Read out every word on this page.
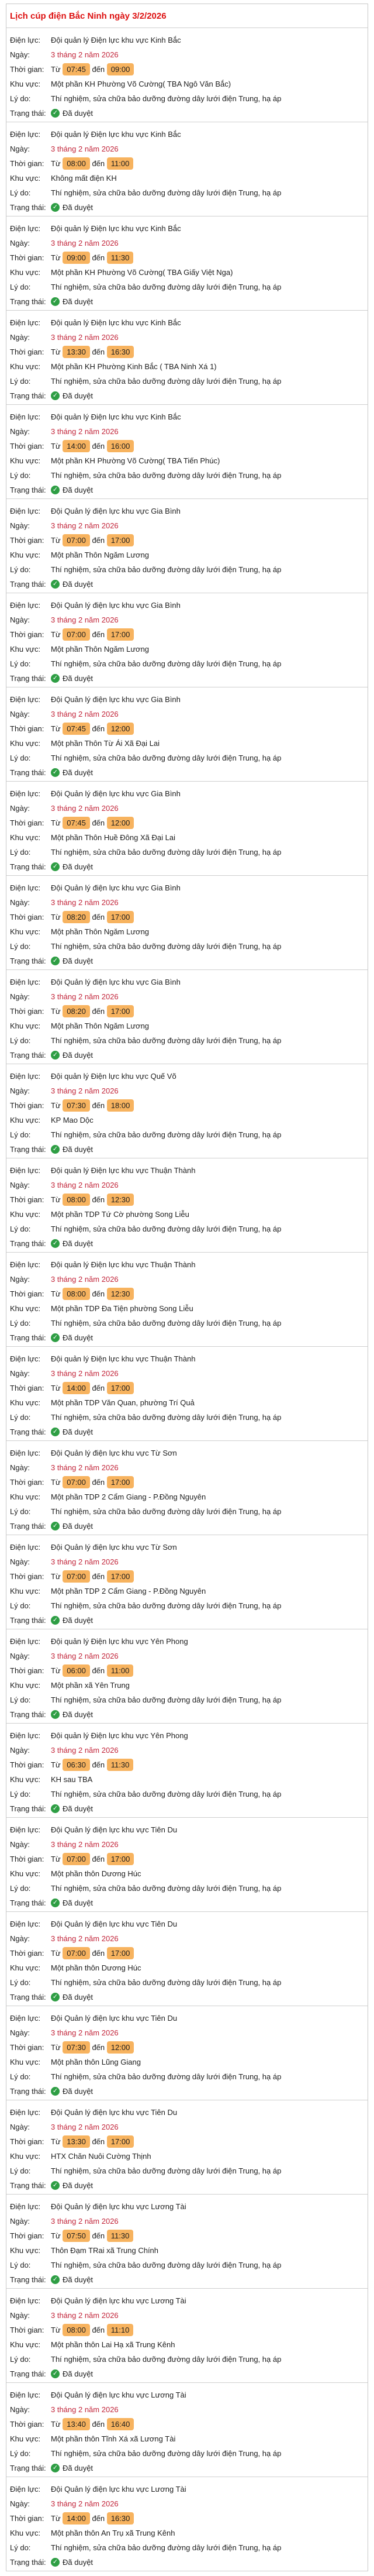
Lịch cúp điện Bắc Ninh ngày 3/2/2026
Điện lực:	Đội quản lý Điện lực khu vực Kinh Bắc
Ngày:	3 tháng 2 năm 2026
Thời gian: Từ 07:45 đến 09:00
Khu vực:	Một phần KH Phường Võ Cường( TBA Ngô Văn Bắc)
Lý do:	Thí nghiệm, sửa chữa bảo dưỡng đường dây lưới điện Trung, hạ áp
Trạng thái: ✓	Đã duyệt
Điện lực:	Đội quản lý Điện lực khu vực Kinh Bắc
Ngày:	3 tháng 2 năm 2026
Thời gian: Từ 08:00 đến 11:00
Khu vực:	Không mất điện KH
Lý do:	Thí nghiệm, sửa chữa bảo dưỡng đường dây lưới điện Trung, hạ áp
Trạng thái: ✓	Đã duyệt
Điện lực:	Đội quản lý Điện lực khu vực Kinh Bắc
Ngày:	3 tháng 2 năm 2026
Thời gian: Từ 09:00 đến 11:30
Khu vực:	Một phần KH Phường Võ Cường( TBA Giấy Việt Nga)
Lý do:	Thí nghiệm, sửa chữa bảo dưỡng đường dây lưới điện Trung, hạ áp
Trạng thái: ✓	Đã duyệt
Điện lực:	Đội quản lý Điện lực khu vực Kinh Bắc
Ngày:	3 tháng 2 năm 2026
Thời gian: Từ 13:30 đến 16:30
Khu vực:	Một phần KH Phường Kinh Bắc ( TBA Ninh Xá 1)
Lý do:	Thí nghiệm, sửa chữa bảo dưỡng đường dây lưới điện Trung, hạ áp
Trạng thái: ✓	Đã duyệt
Điện lực:	Đội quản lý Điện lực khu vực Kinh Bắc
Ngày:	3 tháng 2 năm 2026
Thời gian: Từ 14:00 đến 16:00
Khu vực:	Một phần KH Phường Võ Cường( TBA Tiến Phúc)
Lý do:	Thí nghiệm, sửa chữa bảo dưỡng đường dây lưới điện Trung, hạ áp
Trạng thái: ✓	Đã duyệt
Điện lực:	Đội Quản lý điện lực khu vực Gia Bình
Ngày:	3 tháng 2 năm 2026
Thời gian: Từ 07:00 đến 17:00
Khu vực:	Một phần Thôn Ngăm Lương
Lý do:	Thí nghiệm, sửa chữa bảo dưỡng đường dây lưới điện Trung, hạ áp
Trạng thái: ✓	Đã duyệt
Điện lực:	Đội Quản lý điện lực khu vực Gia Bình
Ngày:	3 tháng 2 năm 2026
Thời gian: Từ 07:00 đến 17:00
Khu vực:	Một phần Thôn Ngăm Lương
Lý do:	Thí nghiệm, sửa chữa bảo dưỡng đường dây lưới điện Trung, hạ áp
Trạng thái: ✓	Đã duyệt
Điện lực:	Đội Quản lý điện lực khu vực Gia Bình
Ngày:	3 tháng 2 năm 2026
Thời gian: Từ 07:45 đến 12:00
Khu vực:	Một phần Thôn Từ Ái Xã Đại Lai
Lý do:	Thí nghiệm, sửa chữa bảo dưỡng đường dây lưới điện Trung, hạ áp
Trạng thái: ✓	Đã duyệt
Điện lực:	Đội Quản lý điện lực khu vực Gia Bình
Ngày:	3 tháng 2 năm 2026
Thời gian: Từ 07:45 đến 12:00
Khu vực:	Một phần Thôn Huề Đông Xã Đại Lai
Lý do:	Thí nghiệm, sửa chữa bảo dưỡng đường dây lưới điện Trung, hạ áp
Trạng thái: ✓	Đã duyệt
Điện lực:	Đội Quản lý điện lực khu vực Gia Bình
Ngày:	3 tháng 2 năm 2026
Thời gian: Từ 08:20 đến 17:00
Khu vực:	Một phần Thôn Ngăm Lương
Lý do:	Thí nghiệm, sửa chữa bảo dưỡng đường dây lưới điện Trung, hạ áp
Trạng thái: ✓	Đã duyệt
Điện lực:	Đội Quản lý điện lực khu vực Gia Bình
Ngày:	3 tháng 2 năm 2026
Thời gian: Từ 08:20 đến 17:00
Khu vực:	Một phần Thôn Ngăm Lương
Lý do:	Thí nghiệm, sửa chữa bảo dưỡng đường dây lưới điện Trung, hạ áp
Trạng thái: ✓	Đã duyệt
Điện lực:	Đội quản lý Điện lực khu vực Quế Võ
Ngày:	3 tháng 2 năm 2026
Thời gian: Từ 07:30 đến 18:00
Khu vực:	KP Mao Dộc
Lý do:	Thí nghiệm, sửa chữa bảo dưỡng đường dây lưới điện Trung, hạ áp
Trạng thái: ✓	Đã duyệt
Điện lực:	Đội quản lý Điện lực khu vực Thuận Thành
Ngày:	3 tháng 2 năm 2026
Thời gian: Từ 08:00 đến 12:30
Khu vực:	Một phần TDP Tứ Cờ phường Song Liễu
Lý do:	Thí nghiệm, sửa chữa bảo dưỡng đường dây lưới điện Trung, hạ áp
Trạng thái: ✓	Đã duyệt
Điện lực:	Đội quản lý Điện lực khu vực Thuận Thành
Ngày:	3 tháng 2 năm 2026
Thời gian: Từ 08:00 đến 12:30
Khu vực:	Một phần TDP Đa Tiện phường Song Liễu
Lý do:	Thí nghiệm, sửa chữa bảo dưỡng đường dây lưới điện Trung, hạ áp
Trạng thái: ✓	Đã duyệt
Điện lực:	Đội quản lý Điện lực khu vực Thuận Thành
Ngày:	3 tháng 2 năm 2026
Thời gian: Từ 14:00 đến 17:00
Khu vực:	Một phần TDP Văn Quan, phường Trí Quả
Lý do:	Thí nghiệm, sửa chữa bảo dưỡng đường dây lưới điện Trung, hạ áp
Trạng thái: ✓	Đã duyệt
Điện lực:	Đội Quản lý điện lực khu vực Từ Sơn
Ngày:	3 tháng 2 năm 2026
Thời gian: Từ 07:00 đến 17:00
Khu vực:	Một phần TDP 2 Cẩm Giang - P.Đồng Nguyên
Lý do:	Thí nghiệm, sửa chữa bảo dưỡng đường dây lưới điện Trung, hạ áp
Trạng thái: ✓	Đã duyệt
Điện lực:	Đội Quản lý điện lực khu vực Từ Sơn
Ngày:	3 tháng 2 năm 2026
Thời gian: Từ 07:00 đến 17:00
Khu vực:	Một phần TDP 2 Cẩm Giang - P.Đồng Nguyên
Lý do:	Thí nghiệm, sửa chữa bảo dưỡng đường dây lưới điện Trung, hạ áp
Trạng thái: ✓	Đã duyệt
Điện lực:	Đội quản lý Điện lực khu vực Yên Phong
Ngày:	3 tháng 2 năm 2026
Thời gian: Từ 06:00 đến 11:00
Khu vực:	Một phần xã Yên Trung
Lý do:	Thí nghiệm, sửa chữa bảo dưỡng đường dây lưới điện Trung, hạ áp
Trạng thái: ✓	Đã duyệt
Điện lực:	Đội quản lý Điện lực khu vực Yên Phong
Ngày:	3 tháng 2 năm 2026
Thời gian: Từ 06:30 đến 11:30
Khu vực:	KH sau TBA
Lý do:	Thí nghiệm, sửa chữa bảo dưỡng đường dây lưới điện Trung, hạ áp
Trạng thái: ✓	Đã duyệt
Điện lực:	Đội Quản lý điện lực khu vực Tiên Du
Ngày:	3 tháng 2 năm 2026
Thời gian: Từ 07:00 đến 17:00
Khu vực:	Một phần thôn Dương Húc
Lý do:	Thí nghiệm, sửa chữa bảo dưỡng đường dây lưới điện Trung, hạ áp
Trạng thái: ✓	Đã duyệt
Điện lực:	Đội Quản lý điện lực khu vực Tiên Du
Ngày:	3 tháng 2 năm 2026
Thời gian: Từ 07:00 đến 17:00
Khu vực:	Một phần thôn Dương Húc
Lý do:	Thí nghiệm, sửa chữa bảo dưỡng đường dây lưới điện Trung, hạ áp
Trạng thái: ✓	Đã duyệt
Điện lực:	Đội Quản lý điện lực khu vực Tiên Du
Ngày:	3 tháng 2 năm 2026
Thời gian: Từ 07:30 đến 12:00
Khu vực:	Một phần thôn Lũng Giang
Lý do:	Thí nghiệm, sửa chữa bảo dưỡng đường dây lưới điện Trung, hạ áp
Trạng thái: ✓	Đã duyệt
Điện lực:	Đội Quản lý điện lực khu vực Tiên Du
Ngày:	3 tháng 2 năm 2026
Thời gian: Từ 13:30 đến 17:00
Khu vực:	HTX Chăn Nuôi Cường Thịnh
Lý do:	Thí nghiệm, sửa chữa bảo dưỡng đường dây lưới điện Trung, hạ áp
Trạng thái: ✓	Đã duyệt
Điện lực:	Đội Quản lý điện lực khu vực Lương Tài
Ngày:	3 tháng 2 năm 2026
Thời gian: Từ 07:50 đến 11:30
Khu vực:	Thôn Đạm TRai xã Trung Chính
Lý do:	Thí nghiệm, sửa chữa bảo dưỡng đường dây lưới điện Trung, hạ áp
Trạng thái: ✓	Đã duyệt
Điện lực:	Đội Quản lý điện lực khu vực Lương Tài
Ngày:	3 tháng 2 năm 2026
Thời gian: Từ 08:00 đến 11:10
Khu vực:	Một phần thôn Lai Hạ xã Trung Kênh
Lý do:	Thí nghiệm, sửa chữa bảo dưỡng đường dây lưới điện Trung, hạ áp
Trạng thái: ✓	Đã duyệt
Điện lực:	Đội Quản lý điện lực khu vực Lương Tài
Ngày:	3 tháng 2 năm 2026
Thời gian: Từ 13:40 đến 16:40
Khu vực:	Một phần thôn Tĩnh Xá xã Lương Tài
Lý do:	Thí nghiệm, sửa chữa bảo dưỡng đường dây lưới điện Trung, hạ áp
Trạng thái: ✓	Đã duyệt
Điện lực:	Đội Quản lý điện lực khu vực Lương Tài
Ngày:	3 tháng 2 năm 2026
Thời gian: Từ 14:00 đến 16:30
Khu vực:	Một phần thôn An Trụ xã Trung Kênh
Lý do:	Thí nghiệm, sửa chữa bảo dưỡng đường dây lưới điện Trung, hạ áp
Trạng thái: ✓	Đã duyệt
